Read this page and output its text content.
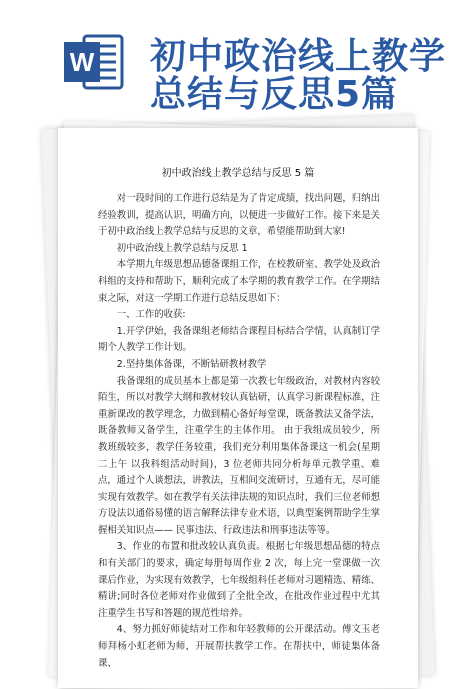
W 初中政治线上教学
总结与反思5篇
初中政治线上教学总结与反思 5 篇

对一段时间的工作进行总结是为了肯定成绩，找出问题，归纳出经验教训，提高认识，明确方向，以便进一步做好工作。接下来是关于初中政治线上教学总结与反思的文章，希望能帮助到大家!

初中政治线上教学总结与反思 1

本学期九年级思想品德备课组工作，在校教研室、教学处及政治科组的支持和帮助下，顺利完成了本学期的教育教学工作。在学期结束之际，对这一学期工作进行总结反思如下：

一、工作的收获:

1.开学伊始，我备课组老师结合课程目标结合学情，认真制订学期个人教学工作计划。

2.坚持集体备课，不断钻研教材教学

我备课组的成员基本上都是第一次教七年级政治，对教材内容较陌生，所以对教学大纲和教材较认真钻研，认真学习新课程标准，注重新课改的教学理念，力做到精心备好每堂课，既备教法又备学法，既备教师又备学生，注重学生的主体作用。 由于我组成员较少，所教班级较多，教学任务较重，我们充分利用集体备课这一机会(星期二上午 以我科组活动时间)，3 位老师共同分析每单元教学重、难点，通过个人谈想法，讲教法，互相间交流研讨，互通有无，尽可能实现有效教学。如在教学有关法律法规的知识点时，我们三位老师想方设法以通俗易懂的语言解释法律专业术语，以典型案例帮助学生掌握相关知识点—— 民事违法、行政违法和刑事违法等等。

3、作业的布置和批改较认真负责。根据七年级思想品德的特点和有关部门的要求，确定每册每周作业 2 次，每上完一堂课做一次课后作业，为实现有效教学，七年级组科任老师对习题精选、精练、精讲;同时各位老师对作业做到了全批全改，在批改作业过程中尤其注重学生书写和答题的规范性培养。

4、努力抓好师徒结对工作和年轻教师的公开课活动。傅文玉老师拜杨小虹老师为师，开展帮扶教学工作。在帮扶中，师徒集体备课、
